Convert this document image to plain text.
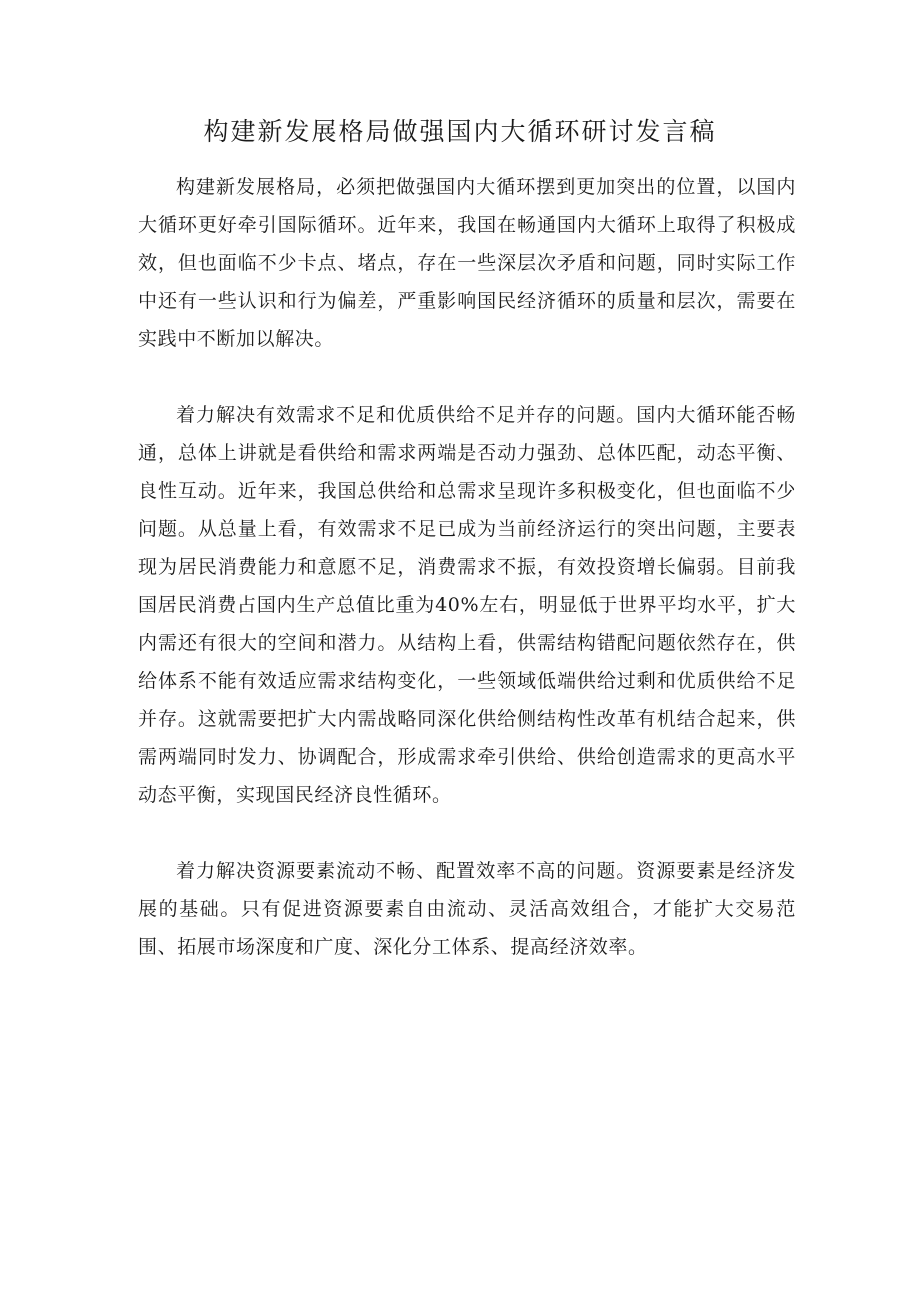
构建新发展格局做强国内大循环研讨发言稿

构建新发展格局，必须把做强国内大循环摆到更加突出的位置，以国内大循环更好牵引国际循环。近年来，我国在畅通国内大循环上取得了积极成效，但也面临不少卡点、堵点，存在一些深层次矛盾和问题，同时实际工作中还有一些认识和行为偏差，严重影响国民经济循环的质量和层次，需要在实践中不断加以解决。

着力解决有效需求不足和优质供给不足并存的问题。国内大循环能否畅通，总体上讲就是看供给和需求两端是否动力强劲、总体匹配，动态平衡、良性互动。近年来，我国总供给和总需求呈现许多积极变化，但也面临不少问题。从总量上看，有效需求不足已成为当前经济运行的突出问题，主要表现为居民消费能力和意愿不足，消费需求不振，有效投资增长偏弱。目前我国居民消费占国内生产总值比重为40%左右，明显低于世界平均水平，扩大内需还有很大的空间和潜力。从结构上看，供需结构错配问题依然存在，供给体系不能有效适应需求结构变化，一些领域低端供给过剩和优质供给不足并存。这就需要把扩大内需战略同深化供给侧结构性改革有机结合起来，供需两端同时发力、协调配合，形成需求牵引供给、供给创造需求的更高水平动态平衡，实现国民经济良性循环。

着力解决资源要素流动不畅、配置效率不高的问题。资源要素是经济发展的基础。只有促进资源要素自由流动、灵活高效组合，才能扩大交易范围、拓展市场深度和广度、深化分工体系、提高经济效率。
